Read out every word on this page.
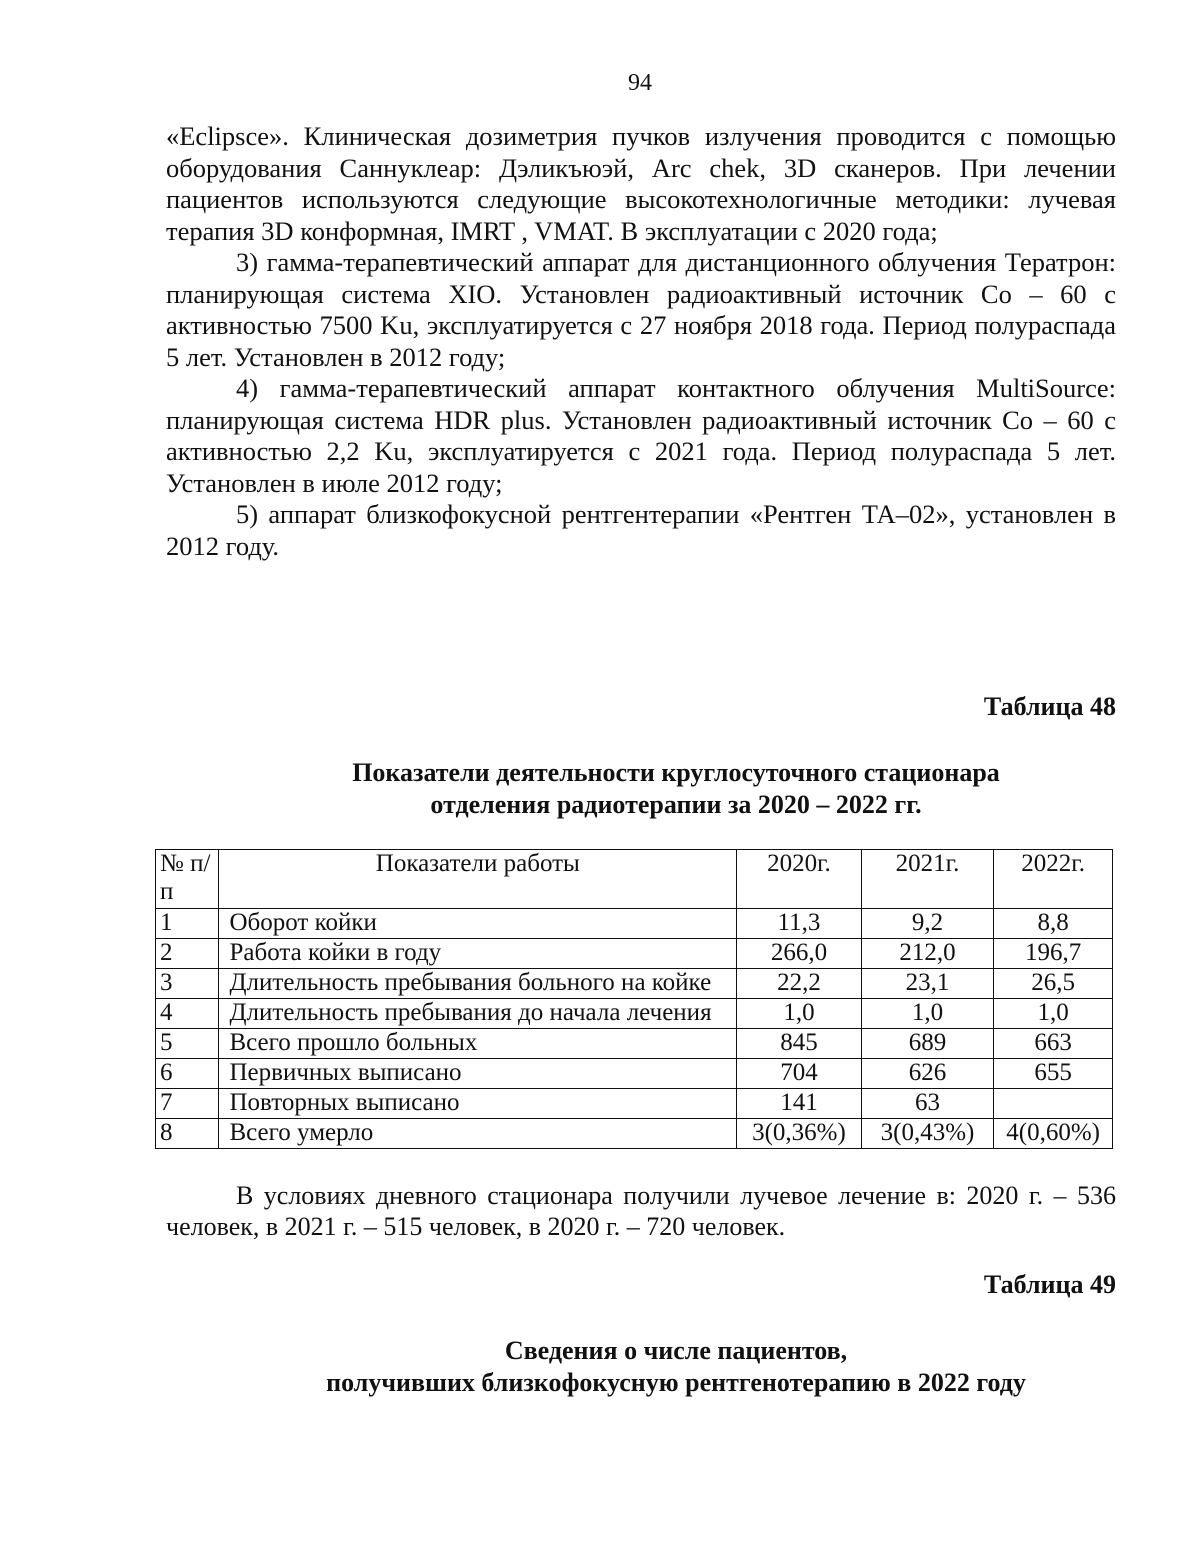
94

«Eclipsce». Клиническая дозиметрия пучков излучения проводится с помощью оборудования Саннуклеар: Дэликъюэй, Arc chek, 3D сканеров. При лечении пациентов используются следующие высокотехнологичные методики: лучевая терапия 3D конформная, IMRT , VMAT. В эксплуатации с 2020 года;

3) гамма-терапевтический аппарат для дистанционного облучения Тератрон: планирующая система XIO. Установлен радиоактивный источник Co – 60 с активностью 7500 Ku, эксплуатируется с 27 ноября 2018 года. Период полураспада 5 лет. Установлен в 2012 году;

4) гамма-терапевтический аппарат контактного облучения MultiSource: планирующая система HDR plus. Установлен радиоактивный источник Co – 60 с активностью 2,2 Ku, эксплуатируется с 2021 года. Период полураспада 5 лет. Установлен в июле 2012 году;

5) аппарат близкофокусной рентгентерапии «Рентген ТА–02», установлен в 2012 году.

Таблица 48
Показатели деятельности круглосуточного стационара
отделения радиотерапии за 2020 – 2022 гг.
№ п/п	Показатели работы	2020г.	2021г.	2022г.
1	Оборот койки	11,3	9,2	8,8
2	Работа койки в году	266,0	212,0	196,7
3	Длительность пребывания больного на койке	22,2	23,1	26,5
4	Длительность пребывания до начала лечения	1,0	1,0	1,0
5	Всего прошло больных	845	689	663
6	Первичных выписано	704	626	655
7	Повторных выписано	141	63	
8	Всего умерло	3(0,36%)	3(0,43%)	4(0,60%)

В условиях дневного стационара получили лучевое лечение в: 2020 г. – 536 человек, в 2021 г. – 515 человек, в 2020 г. – 720 человек.

Таблица 49
Сведения о числе пациентов,
получивших близкофокусную рентгенотерапию в 2022 году
